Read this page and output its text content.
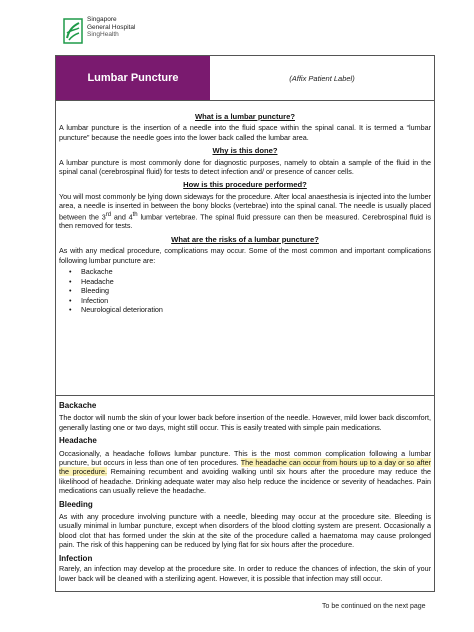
Singapore
General Hospital
SingHealth
Lumbar Puncture	(Affix Patient Label)
What is a lumbar puncture?
A lumbar puncture is the insertion of a needle into the fluid space within the spinal canal. It is termed a “lumbar puncture” because the needle goes into the lower back called the lumbar area.
Why is this done?
A lumbar puncture is most commonly done for diagnostic purposes, namely to obtain a sample of the fluid in the spinal canal (cerebrospinal fluid) for tests to detect infection and/ or presence of cancer cells.
How is this procedure performed?
You will most commonly be lying down sideways for the procedure. After local anaesthesia is injected into the lumber area, a needle is inserted in between the bony blocks (vertebrae) into the spinal canal. The needle is usually placed between the 3rd and 4th lumbar vertebrae. The spinal fluid pressure can then be measured. Cerebrospinal fluid is then removed for tests.
What are the risks of a lumbar puncture?
As with any medical procedure, complications may occur. Some of the most common and important complications following lumbar puncture are:
• Backache
• Headache
• Bleeding
• Infection
• Neurological deterioration
Backache
The doctor will numb the skin of your lower back before insertion of the needle. However, mild lower back discomfort, generally lasting one or two days, might still occur. This is easily treated with simple pain medications.
Headache
Occasionally, a headache follows lumbar puncture. This is the most common complication following a lumbar puncture, but occurs in less than one of ten procedures. The headache can occur from hours up to a day or so after the procedure. Remaining recumbent and avoiding walking until six hours after the procedure may reduce the likelihood of headache. Drinking adequate water may also help reduce the incidence or severity of headaches. Pain medications can usually relieve the headache.
Bleeding
As with any procedure involving puncture with a needle, bleeding may occur at the procedure site. Bleeding is usually minimal in lumbar puncture, except when disorders of the blood clotting system are present. Occasionally a blood clot that has formed under the skin at the site of the procedure called a haematoma may cause prolonged pain. The risk of this happening can be reduced by lying flat for six hours after the procedure.
Infection
Rarely, an infection may develop at the procedure site. In order to reduce the chances of infection, the skin of your lower back will be cleaned with a sterilizing agent. However, it is possible that infection may still occur.
To be continued on the next page
